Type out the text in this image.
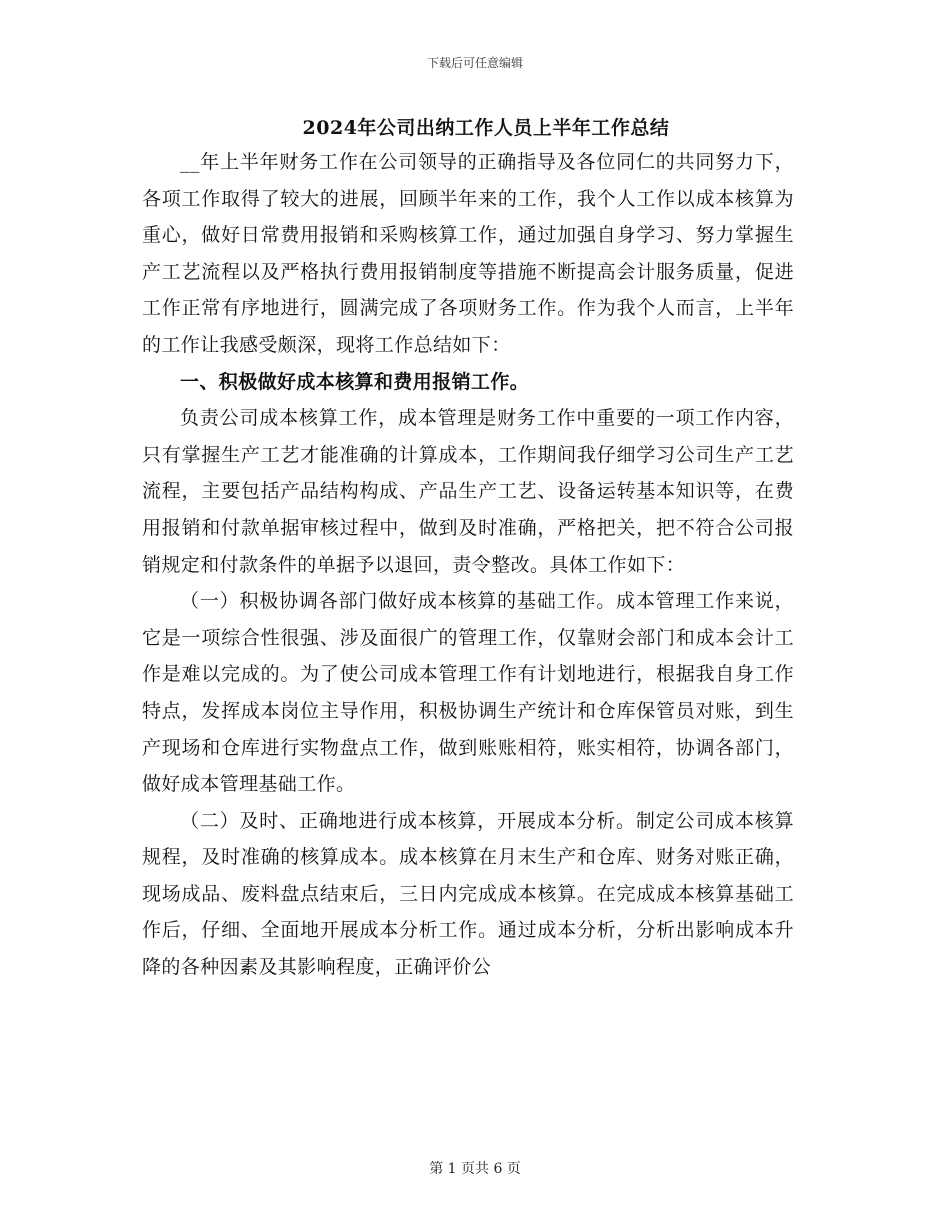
下载后可任意编辑
2024年公司出纳工作人员上半年工作总结

__年上半年财务工作在公司领导的正确指导及各位同仁的共同努力下，各项工作取得了较大的进展，回顾半年来的工作，我个人工作以成本核算为重心，做好日常费用报销和采购核算工作，通过加强自身学习、努力掌握生产工艺流程以及严格执行费用报销制度等措施不断提高会计服务质量，促进工作正常有序地进行，圆满完成了各项财务工作。作为我个人而言，上半年的工作让我感受颇深，现将工作总结如下：

一、积极做好成本核算和费用报销工作。

负责公司成本核算工作，成本管理是财务工作中重要的一项工作内容，只有掌握生产工艺才能准确的计算成本，工作期间我仔细学习公司生产工艺流程，主要包括产品结构构成、产品生产工艺、设备运转基本知识等，在费用报销和付款单据审核过程中，做到及时准确，严格把关，把不符合公司报销规定和付款条件的单据予以退回，责令整改。具体工作如下：

（一）积极协调各部门做好成本核算的基础工作。成本管理工作来说，它是一项综合性很强、涉及面很广的管理工作，仅靠财会部门和成本会计工作是难以完成的。为了使公司成本管理工作有计划地进行，根据我自身工作特点，发挥成本岗位主导作用，积极协调生产统计和仓库保管员对账，到生产现场和仓库进行实物盘点工作，做到账账相符，账实相符，协调各部门，做好成本管理基础工作。

（二）及时、正确地进行成本核算，开展成本分析。制定公司成本核算规程，及时准确的核算成本。成本核算在月末生产和仓库、财务对账正确，现场成品、废料盘点结束后，三日内完成成本核算。在完成成本核算基础工作后，仔细、全面地开展成本分析工作。通过成本分析，分析出影响成本升降的各种因素及其影响程度，正确评价公

第 1 页共 6 页
